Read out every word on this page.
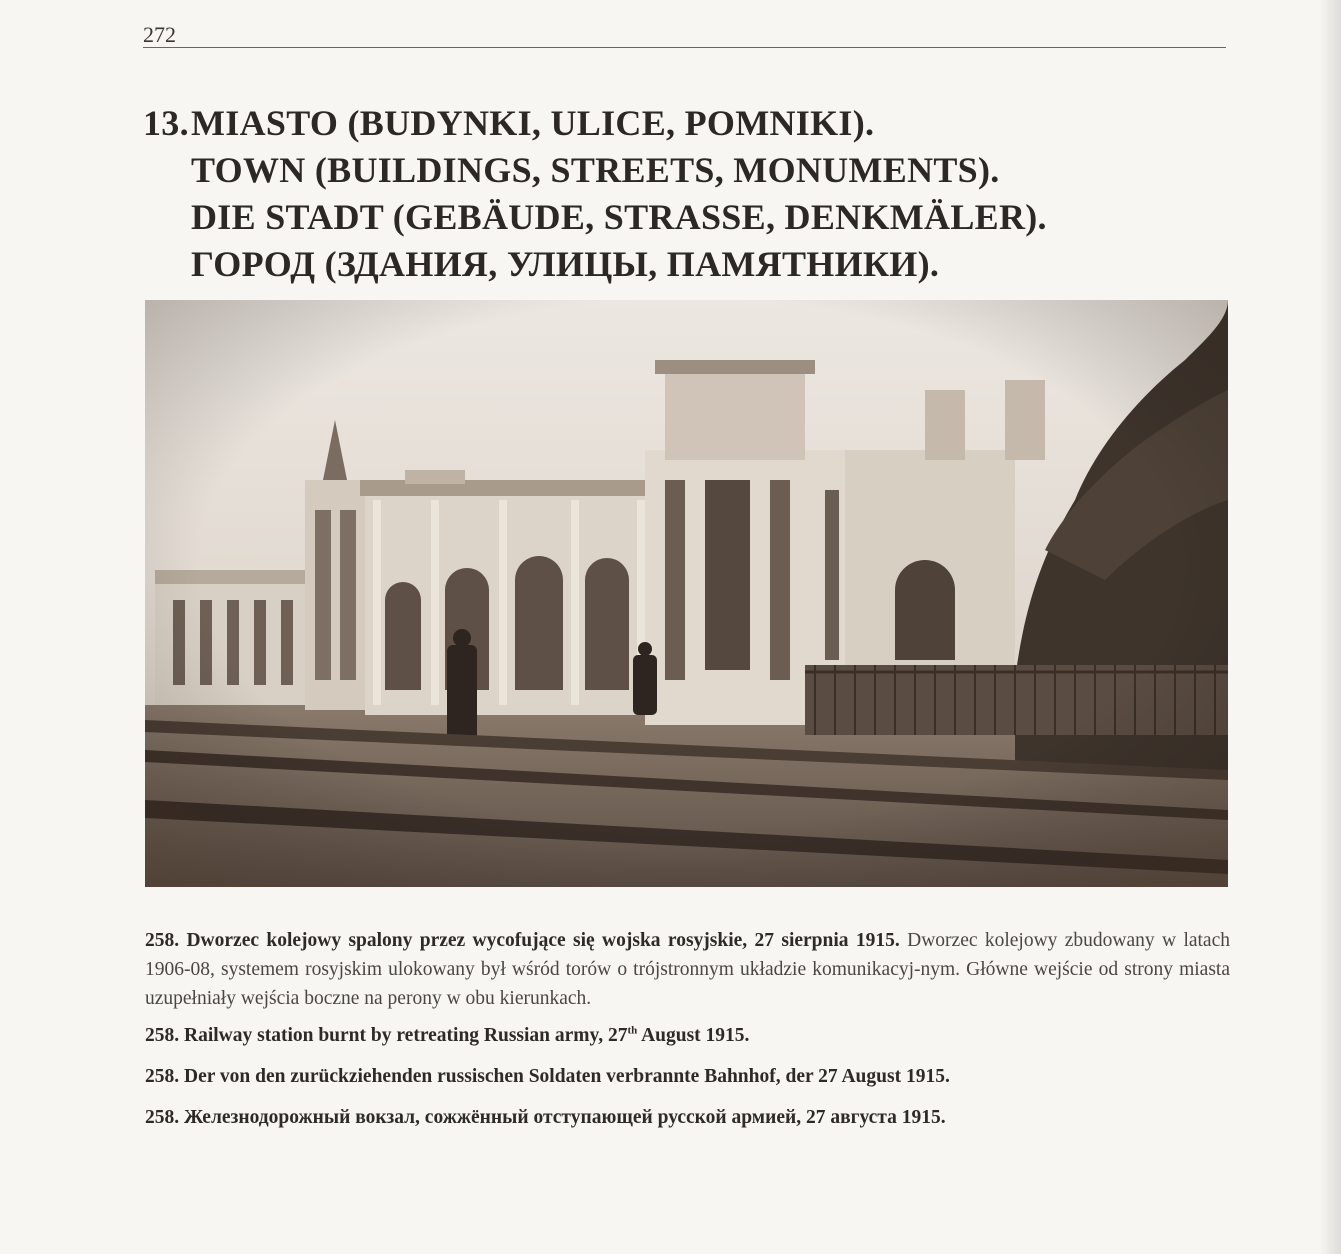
272
13. MIASTO (BUDYNKI, ULICE, POMNIKI).
TOWN (BUILDINGS, STREETS, MONUMENTS).
DIE STADT (GEBÄUDE, STRASSE, DENKMÄLER).
ГОРОД (ЗДАНИЯ, УЛИЦЫ, ПАМЯТНИКИ).

258. Dworzec kolejowy spalony przez wycofujące się wojska rosyjskie, 27 sierpnia 1915. Dworzec kolejowy zbudowany w latach 1906-08, systemem rosyjskim ulokowany był wśród torów o trójstronnym układzie komunikacyj-nym. Główne wejście od strony miasta uzupełniały wejścia boczne na perony w obu kierunkach.

258. Railway station burnt by retreating Russian army, 27th August 1915.

258. Der von den zurückziehenden russischen Soldaten verbrannte Bahnhof, der 27 August 1915.

258. Железнодорожный вокзал, сожжённый отступающей русской армией, 27 августа 1915.
